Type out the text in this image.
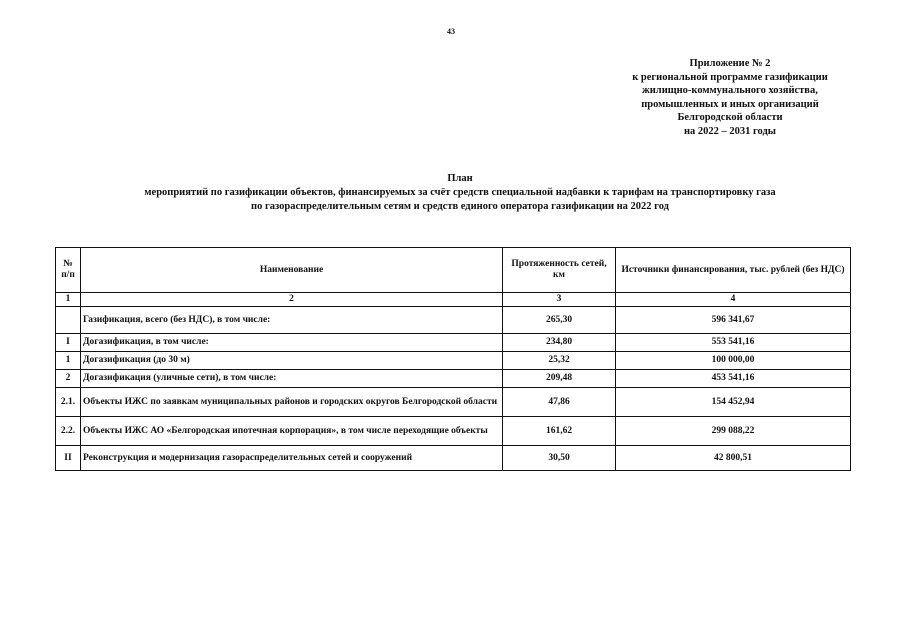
43
Приложение № 2
к региональной программе газификации
жилищно-коммунального хозяйства,
промышленных и иных организаций
Белгородской области
на 2022 – 2031 годы
План
мероприятий по газификации объектов, финансируемых за счёт средств специальной надбавки к тарифам на транспортировку газа
по газораспределительным сетям и средств единого оператора газификации на 2022 год
№ п/п	Наименование	Протяженность сетей, км	Источники финансирования, тыс. рублей (без НДС)
1	2	3	4
	Газификация, всего (без НДС), в том числе:	265,30	596 341,67
I	Догазификация, в том числе:	234,80	553 541,16
1	Догазификация (до 30 м)	25,32	100 000,00
2	Догазификация (уличные сети), в том числе:	209,48	453 541,16
2.1.	Объекты ИЖС по заявкам муниципальных районов и городских округов Белгородской области	47,86	154 452,94
2.2.	Объекты ИЖС АО «Белгородская ипотечная корпорация», в том числе переходящие объекты	161,62	299 088,22
II	Реконструкция и модернизация газораспределительных сетей и сооружений	30,50	42 800,51
